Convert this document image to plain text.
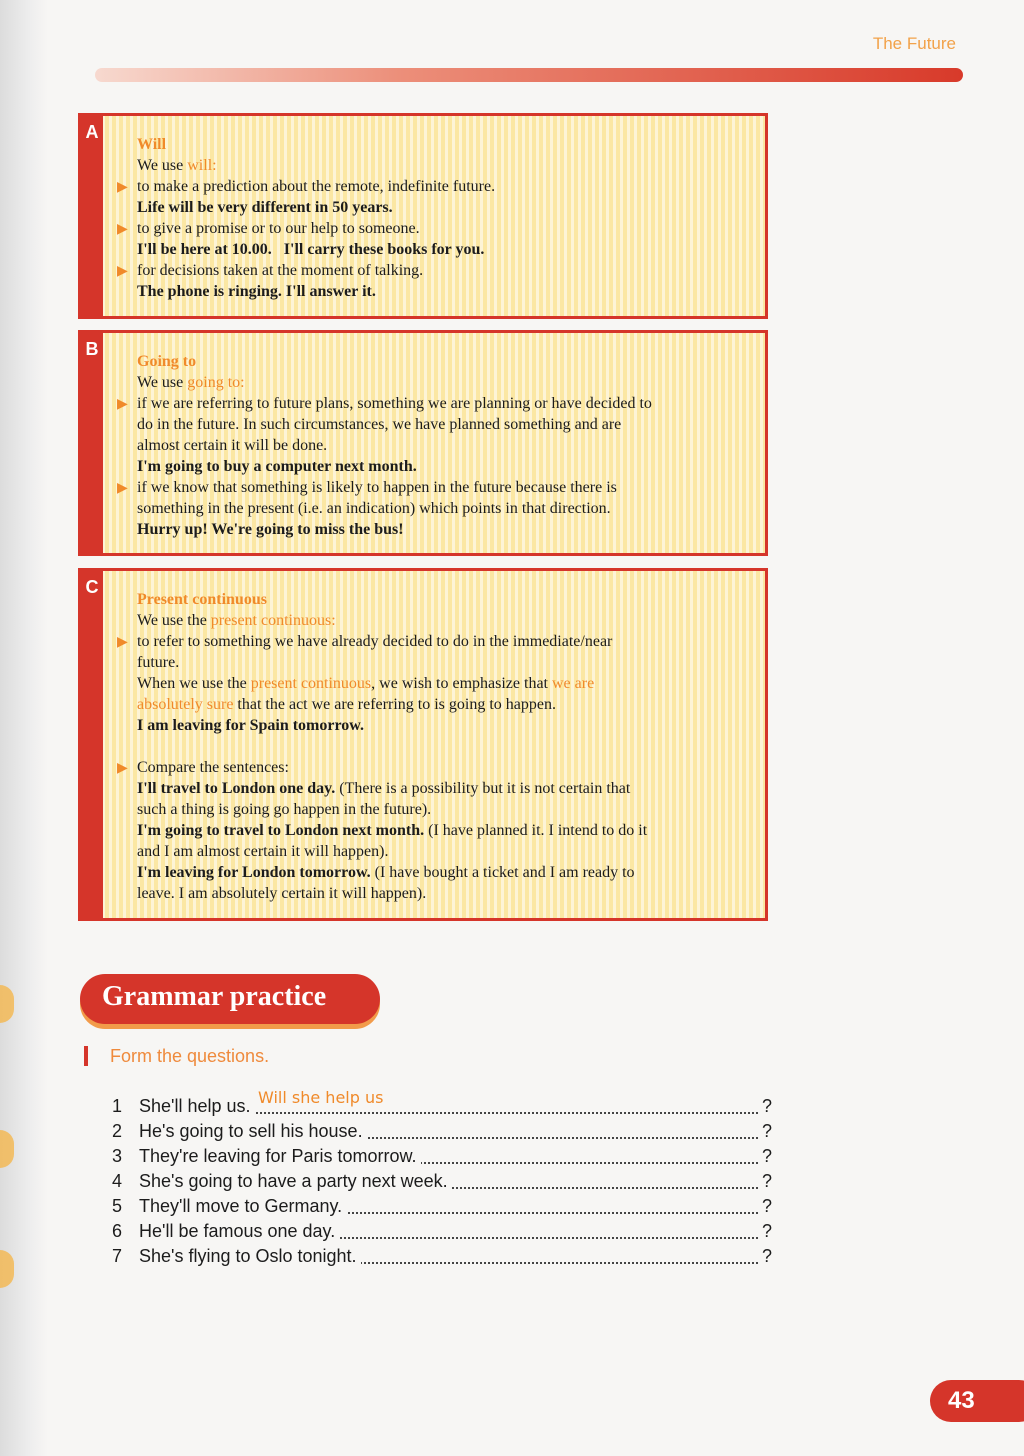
The Future
A
Will

We use will:

▶ to make a prediction about the remote, indefinite future.

Life will be very different in 50 years.

▶ to give a promise or to our help to someone.

I'll be here at 10.00.   I'll carry these books for you.

▶ for decisions taken at the moment of talking.

The phone is ringing. I'll answer it.

B
Going to

We use going to:

▶ if we are referring to future plans, something we are planning or have decided to

do in the future. In such circumstances, we have planned something and are

almost certain it will be done.

I'm going to buy a computer next month.

▶ if we know that something is likely to happen in the future because there is

something in the present (i.e. an indication) which points in that direction.

Hurry up! We're going to miss the bus!

C
Present continuous

We use the present continuous:

▶ to refer to something we have already decided to do in the immediate/near

future.

When we use the present continuous, we wish to emphasize that we are

absolutely sure that the act we are referring to is going to happen.

I am leaving for Spain tomorrow.

▶ Compare the sentences:

I'll travel to London one day. (There is a possibility but it is not certain that

such a thing is going go happen in the future).

I'm going to travel to London next month. (I have planned it. I intend to do it

and I am almost certain it will happen).

I'm leaving for London tomorrow. (I have bought a ticket and I am ready to

leave. I am absolutely certain it will happen).

Grammar practice
Form the questions.
1 She'll help us. Will she help us	?
2 He's going to sell his house.	?
3 They're leaving for Paris tomorrow.	?
4 She's going to have a party next week.	?
5 They'll move to Germany.	?
6 He'll be famous one day.	?
7 She's flying to Oslo tonight.	?
43
